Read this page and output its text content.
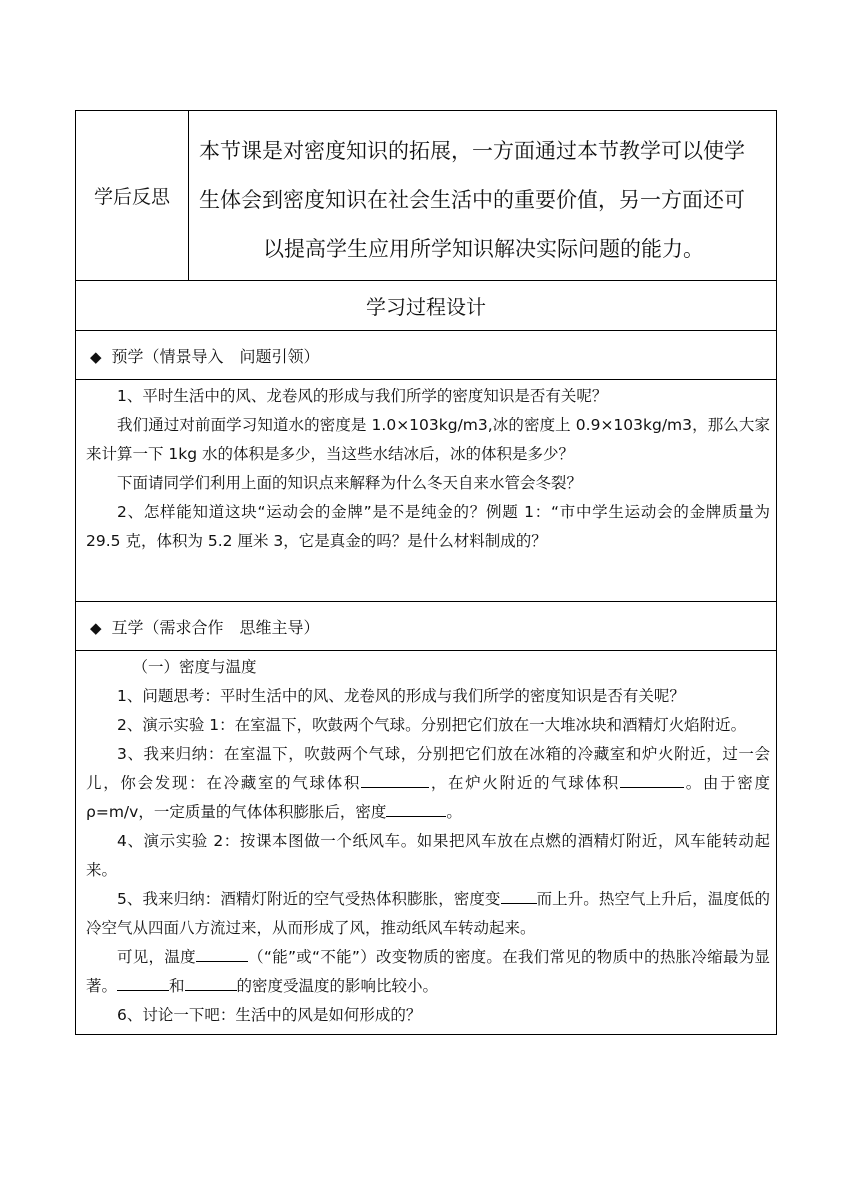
学后反思	

本节课是对密度知识的拓展，一方面通过本节教学可以使学

生体会到密度知识在社会生活中的重要价值，另一方面还可

以提高学生应用所学知识解决实际问题的能力。

学习过程设计
◆ 预学（情景导入　问题引领）

1、平时生活中的风、龙卷风的形成与我们所学的密度知识是否有关呢？

我们通过对前面学习知道水的密度是 1.0×103kg/m3,冰的密度上 0.9×103kg/m3，那么大家来计算一下 1kg 水的体积是多少，当这些水结冰后，冰的体积是多少？

下面请同学们利用上面的知识点来解释为什么冬天自来水管会冬裂？

2、怎样能知道这块“运动会的金牌”是不是纯金的？例题 1：“市中学生运动会的金牌质量为 29.5 克，体积为 5.2 厘米 3，它是真金的吗？是什么材料制成的？

◆ 互学（需求合作　思维主导）

（一）密度与温度

1、问题思考：平时生活中的风、龙卷风的形成与我们所学的密度知识是否有关呢？

2、演示实验 1：在室温下，吹鼓两个气球。分别把它们放在一大堆冰块和酒精灯火焰附近。

3、我来归纳：在室温下，吹鼓两个气球，分别把它们放在冰箱的冷藏室和炉火附近，过一会儿，你会发现：在冷藏室的气球体积	，在炉火附近的气球体积	。由于密度ρ=m/v，一定质量的气体体积膨胀后，密度	。

4、演示实验 2：按课本图做一个纸风车。如果把风车放在点燃的酒精灯附近，风车能转动起来。

5、我来归纳：酒精灯附近的空气受热体积膨胀，密度变 而上升。热空气上升后，温度低的冷空气从四面八方流过来，从而形成了风，推动纸风车转动起来。

可见，温度	（“能”或“不能”）改变物质的密度。在我们常见的物质中的热胀冷缩最为显著。	和	的密度受温度的影响比较小。

6、讨论一下吧：生活中的风是如何形成的？
